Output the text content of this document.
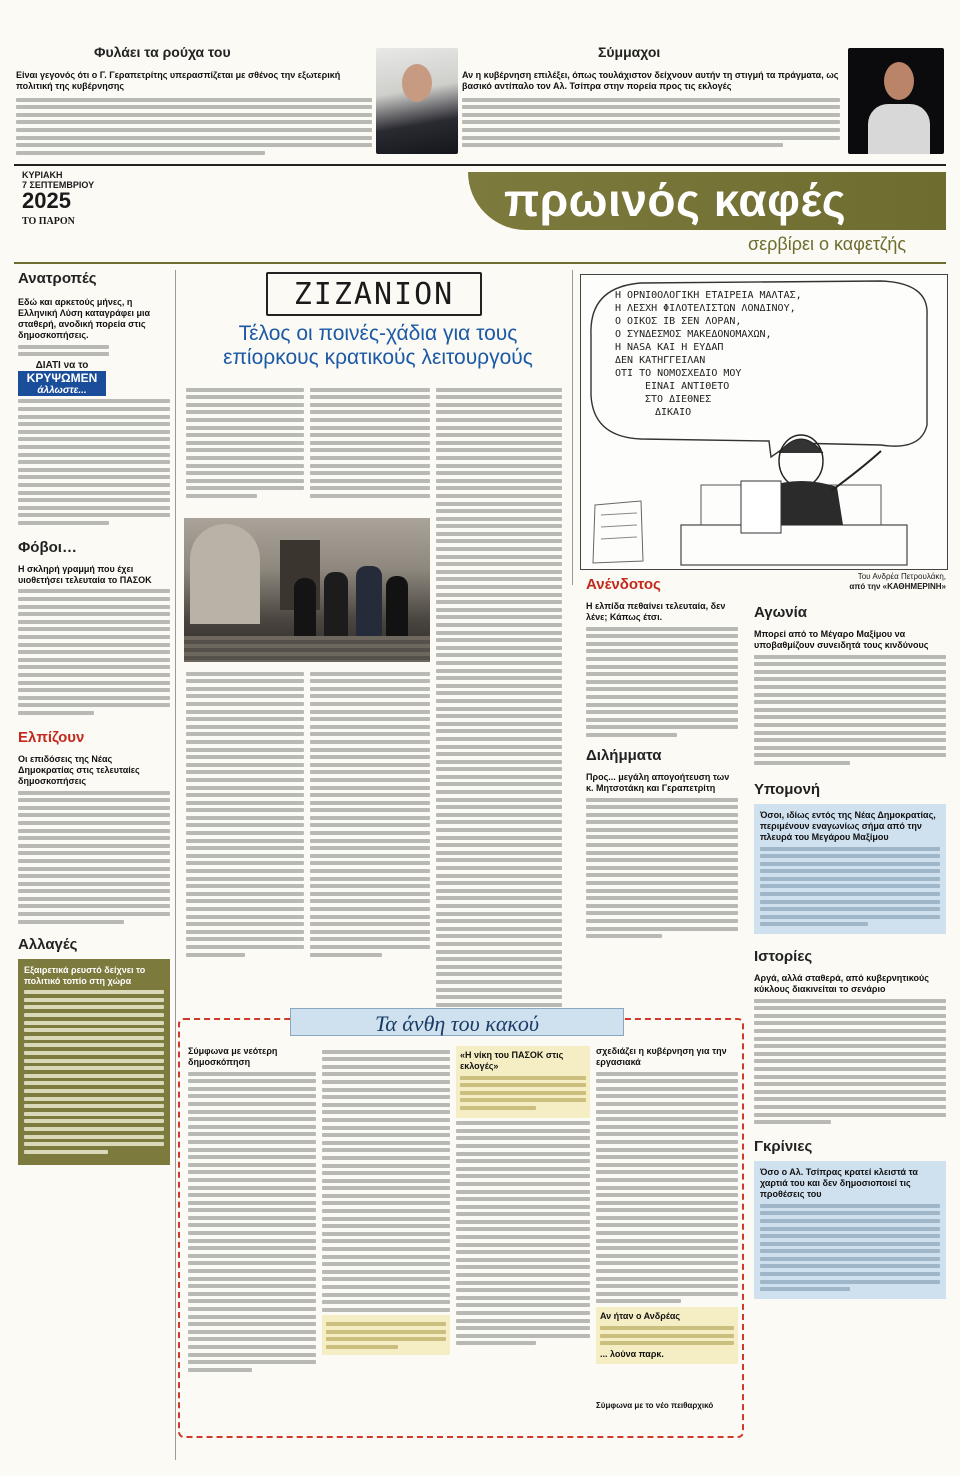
Φυλάει τα ρούχα του
Είναι γεγονός ότι ο Γ. Γεραπετρίτης υπερασπίζεται με σθένος την εξωτερική πολιτική της κυβέρνησης
Σύμμαχοι
Αν η κυβέρνηση επιλέξει, όπως τουλάχιστον δείχνουν αυτήν τη στιγμή τα πράγματα, ως βασικό αντίπαλο τον Αλ. Τσίπρα στην πορεία προς τις εκλογές
ΚΥΡΙΑΚΗ
7 ΣΕΠΤΕΜΒΡΙΟΥ
2025
ΤΟ ΠΑΡΟΝ	πρωινός καφές
σερβίρει ο καφετζής
Ανατροπές
Εδώ και αρκετούς μήνες, η Ελληνική Λύση καταγράφει μια σταθερή, ανοδική πορεία στις δημοσκοπήσεις.
ΔΙΑΤΙ να το
ΚΡΥΨΩΜΕΝ
άλλωστε...
Φόβοι…
Η σκληρή γραμμή που έχει υιοθετήσει τελευταία το ΠΑΣΟΚ
Ελπίζουν
Οι επιδόσεις της Νέας Δημοκρατίας στις τελευταίες δημοσκοπήσεις
Αλλαγές
Εξαιρετικά ρευστό δείχνει το πολιτικό τοπίο στη χώρα
ΖΙΖΑΝΙΟΝ
Τέλος οι ποινές-χάδια για τους επίορκους κρατικούς λειτουργούς
Η ΟΡΝΙΘΟΛΟΓΙΚΗ ΕΤΑΙΡΕΙΑ ΜΑΛΤΑΣ,
Η ΛΕΣΧΗ ΦΙΛΟΤΕΛΙΣΤΩΝ ΛΟΝΔΙΝΟΥ,
Ο ΟΙΚΟΣ ΙΒ ΣΕΝ ΛΟΡΑΝ,
Ο ΣΥΝΔΕΣΜΟΣ ΜΑΚΕΔΟΝΟΜΑΧΩΝ,
Η NASA ΚΑΙ Η ΕΥΔΑΠ
ΔΕΝ ΚΑΤΗΓΓΕΙΛΑΝ
ΟΤΙ ΤΟ ΝΟΜΟΣΧΕΔΙΟ ΜΟΥ
ΕΙΝΑΙ ΑΝΤΙΘΕΤΟ
ΣΤΟ ΔΙΕΘΝΕΣ
ΔΙΚΑΙΟ
Του Ανδρέα Πετρουλάκη,
από την «ΚΑΘΗΜΕΡΙΝΗ»
Ανένδοτος
Η ελπίδα πεθαίνει τελευταία, δεν λένε; Κάπως έτσι.
Διλήμματα
Προς... μεγάλη απογοήτευση των κ. Μητσοτάκη και Γεραπετρίτη
Αγωνία
Μπορεί από το Μέγαρο Μαξίμου να υποβαθμίζουν συνειδητά τους κινδύνους
Υπομονή
Όσοι, ιδίως εντός της Νέας Δημοκρατίας, περιμένουν εναγωνίως σήμα από την πλευρά του Μεγάρου Μαξίμου
Ιστορίες
Αργά, αλλά σταθερά, από κυβερνητικούς κύκλους διακινείται το σενάριο
Γκρίνιες
Όσο ο Αλ. Τσίπρας κρατεί κλειστά τα χαρτιά του και δεν δημοσιοποιεί τις προθέσεις του
Τα άνθη του κακού
Σύμφωνα με νεότερη δημοσκόπηση
«Η νίκη του ΠΑΣΟΚ στις εκλογές»
σχεδιάζει η κυβέρνηση για την εργασιακά
Αν ήταν ο Ανδρέας
... λούνα παρκ.
Σύμφωνα με το νέο πειθαρχικό
